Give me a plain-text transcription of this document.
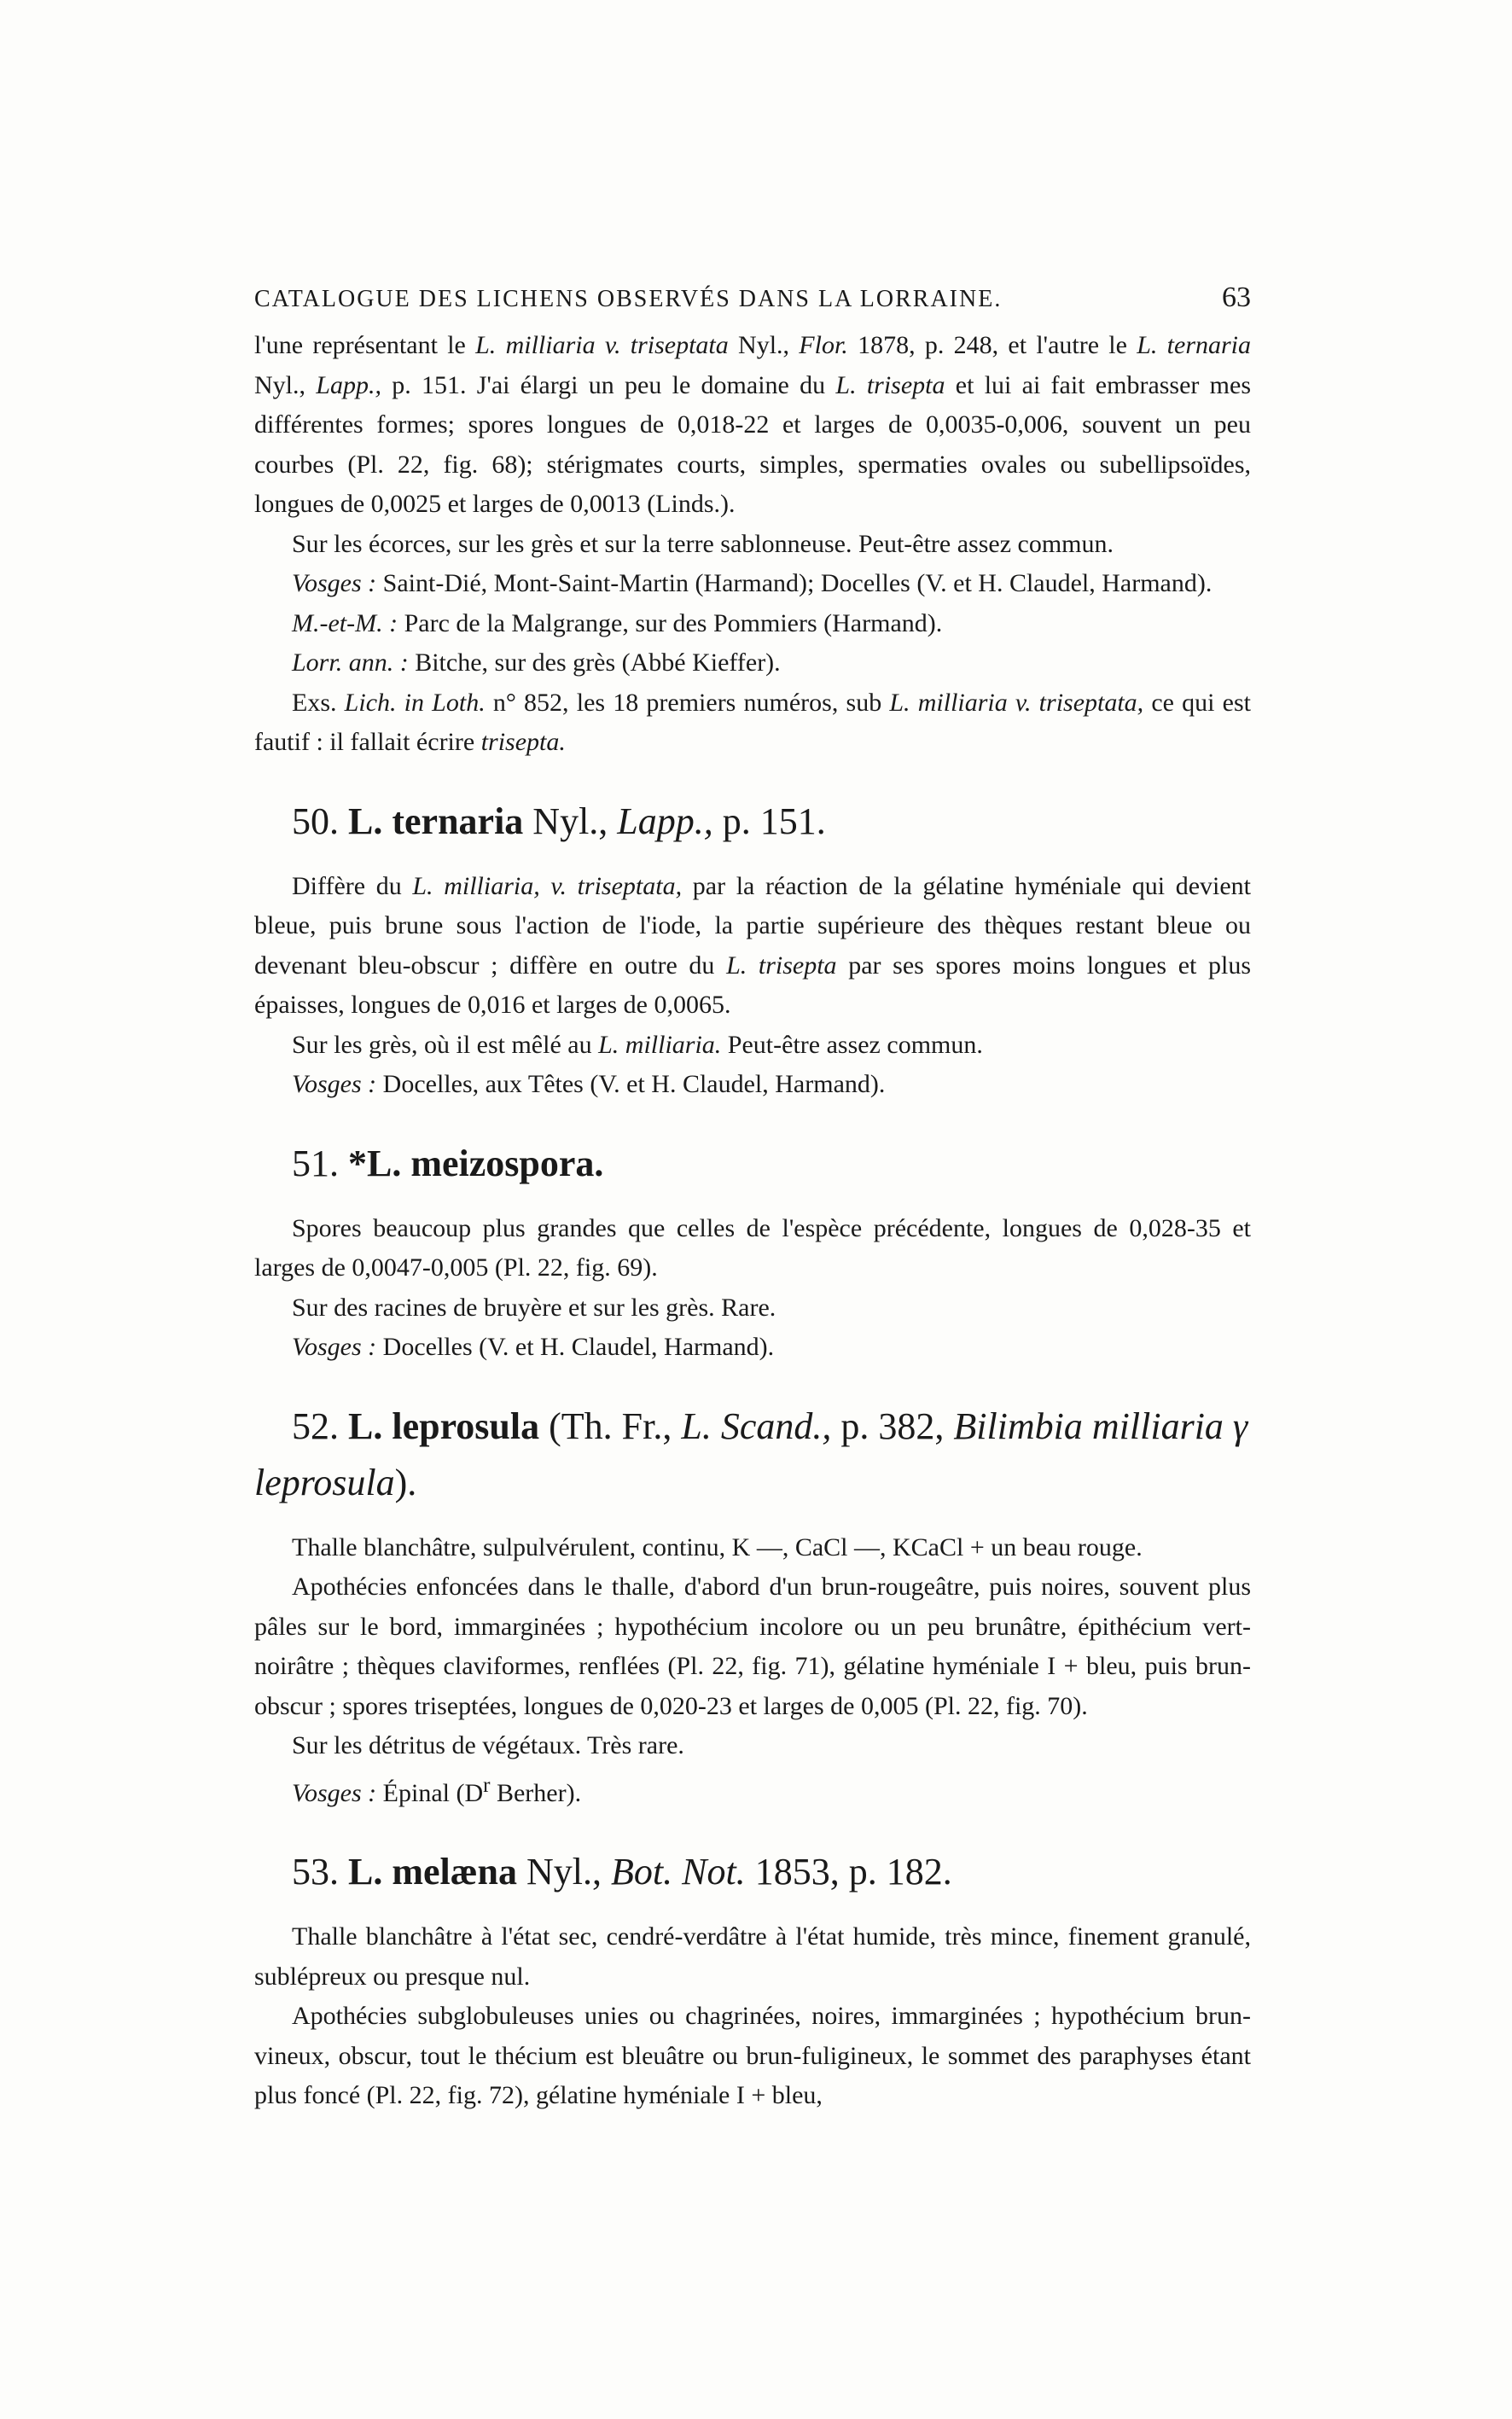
CATALOGUE DES LICHENS OBSERVÉS DANS LA LORRAINE.	63

l'une représentant le L. milliaria v. triseptata Nyl., Flor. 1878, p. 248, et l'autre le L. ternaria Nyl., Lapp., p. 151. J'ai élargi un peu le domaine du L. trisepta et lui ai fait embrasser mes différentes formes; spores longues de 0,018-22 et larges de 0,0035-0,006, souvent un peu courbes (Pl. 22, fig. 68); stérigmates courts, simples, spermaties ovales ou subellipsoïdes, longues de 0,0025 et larges de 0,0013 (Linds.).

Sur les écorces, sur les grès et sur la terre sablonneuse. Peut-être assez commun.

Vosges : Saint-Dié, Mont-Saint-Martin (Harmand); Docelles (V. et H. Claudel, Harmand).

M.-et-M. : Parc de la Malgrange, sur des Pommiers (Harmand).

Lorr. ann. : Bitche, sur des grès (Abbé Kieffer).

Exs. Lich. in Loth. n° 852, les 18 premiers numéros, sub L. milliaria v. triseptata, ce qui est fautif : il fallait écrire trisepta.

50. L. ternaria Nyl., Lapp., p. 151.

Diffère du L. milliaria, v. triseptata, par la réaction de la gélatine hyméniale qui devient bleue, puis brune sous l'action de l'iode, la partie supérieure des thèques restant bleue ou devenant bleu-obscur ; diffère en outre du L. trisepta par ses spores moins longues et plus épaisses, longues de 0,016 et larges de 0,0065.

Sur les grès, où il est mêlé au L. milliaria. Peut-être assez commun.

Vosges : Docelles, aux Têtes (V. et H. Claudel, Harmand).

51. *L. meizospora.

Spores beaucoup plus grandes que celles de l'espèce précédente, longues de 0,028-35 et larges de 0,0047-0,005 (Pl. 22, fig. 69).

Sur des racines de bruyère et sur les grès. Rare.

Vosges : Docelles (V. et H. Claudel, Harmand).

52. L. leprosula (Th. Fr., L. Scand., p. 382, Bilimbia milliaria γ leprosula).

Thalle blanchâtre, sulpulvérulent, continu, K —, CaCl —, KCaCl + un beau rouge.

Apothécies enfoncées dans le thalle, d'abord d'un brun-rougeâtre, puis noires, souvent plus pâles sur le bord, immarginées ; hypothécium incolore ou un peu brunâtre, épithécium vert-noirâtre ; thèques claviformes, renflées (Pl. 22, fig. 71), gélatine hyméniale I + bleu, puis brun-obscur ; spores triseptées, longues de 0,020-23 et larges de 0,005 (Pl. 22, fig. 70).

Sur les détritus de végétaux. Très rare.

Vosges : Épinal ($D^r$ Berher).

53. L. melæna Nyl., Bot. Not. 1853, p. 182.

Thalle blanchâtre à l'état sec, cendré-verdâtre à l'état humide, très mince, finement granulé, sublépreux ou presque nul.

Apothécies subglobuleuses unies ou chagrinées, noires, immarginées ; hypothécium brun-vineux, obscur, tout le thécium est bleuâtre ou brun-fuligineux, le sommet des paraphyses étant plus foncé (Pl. 22, fig. 72), gélatine hyméniale I + bleu,
